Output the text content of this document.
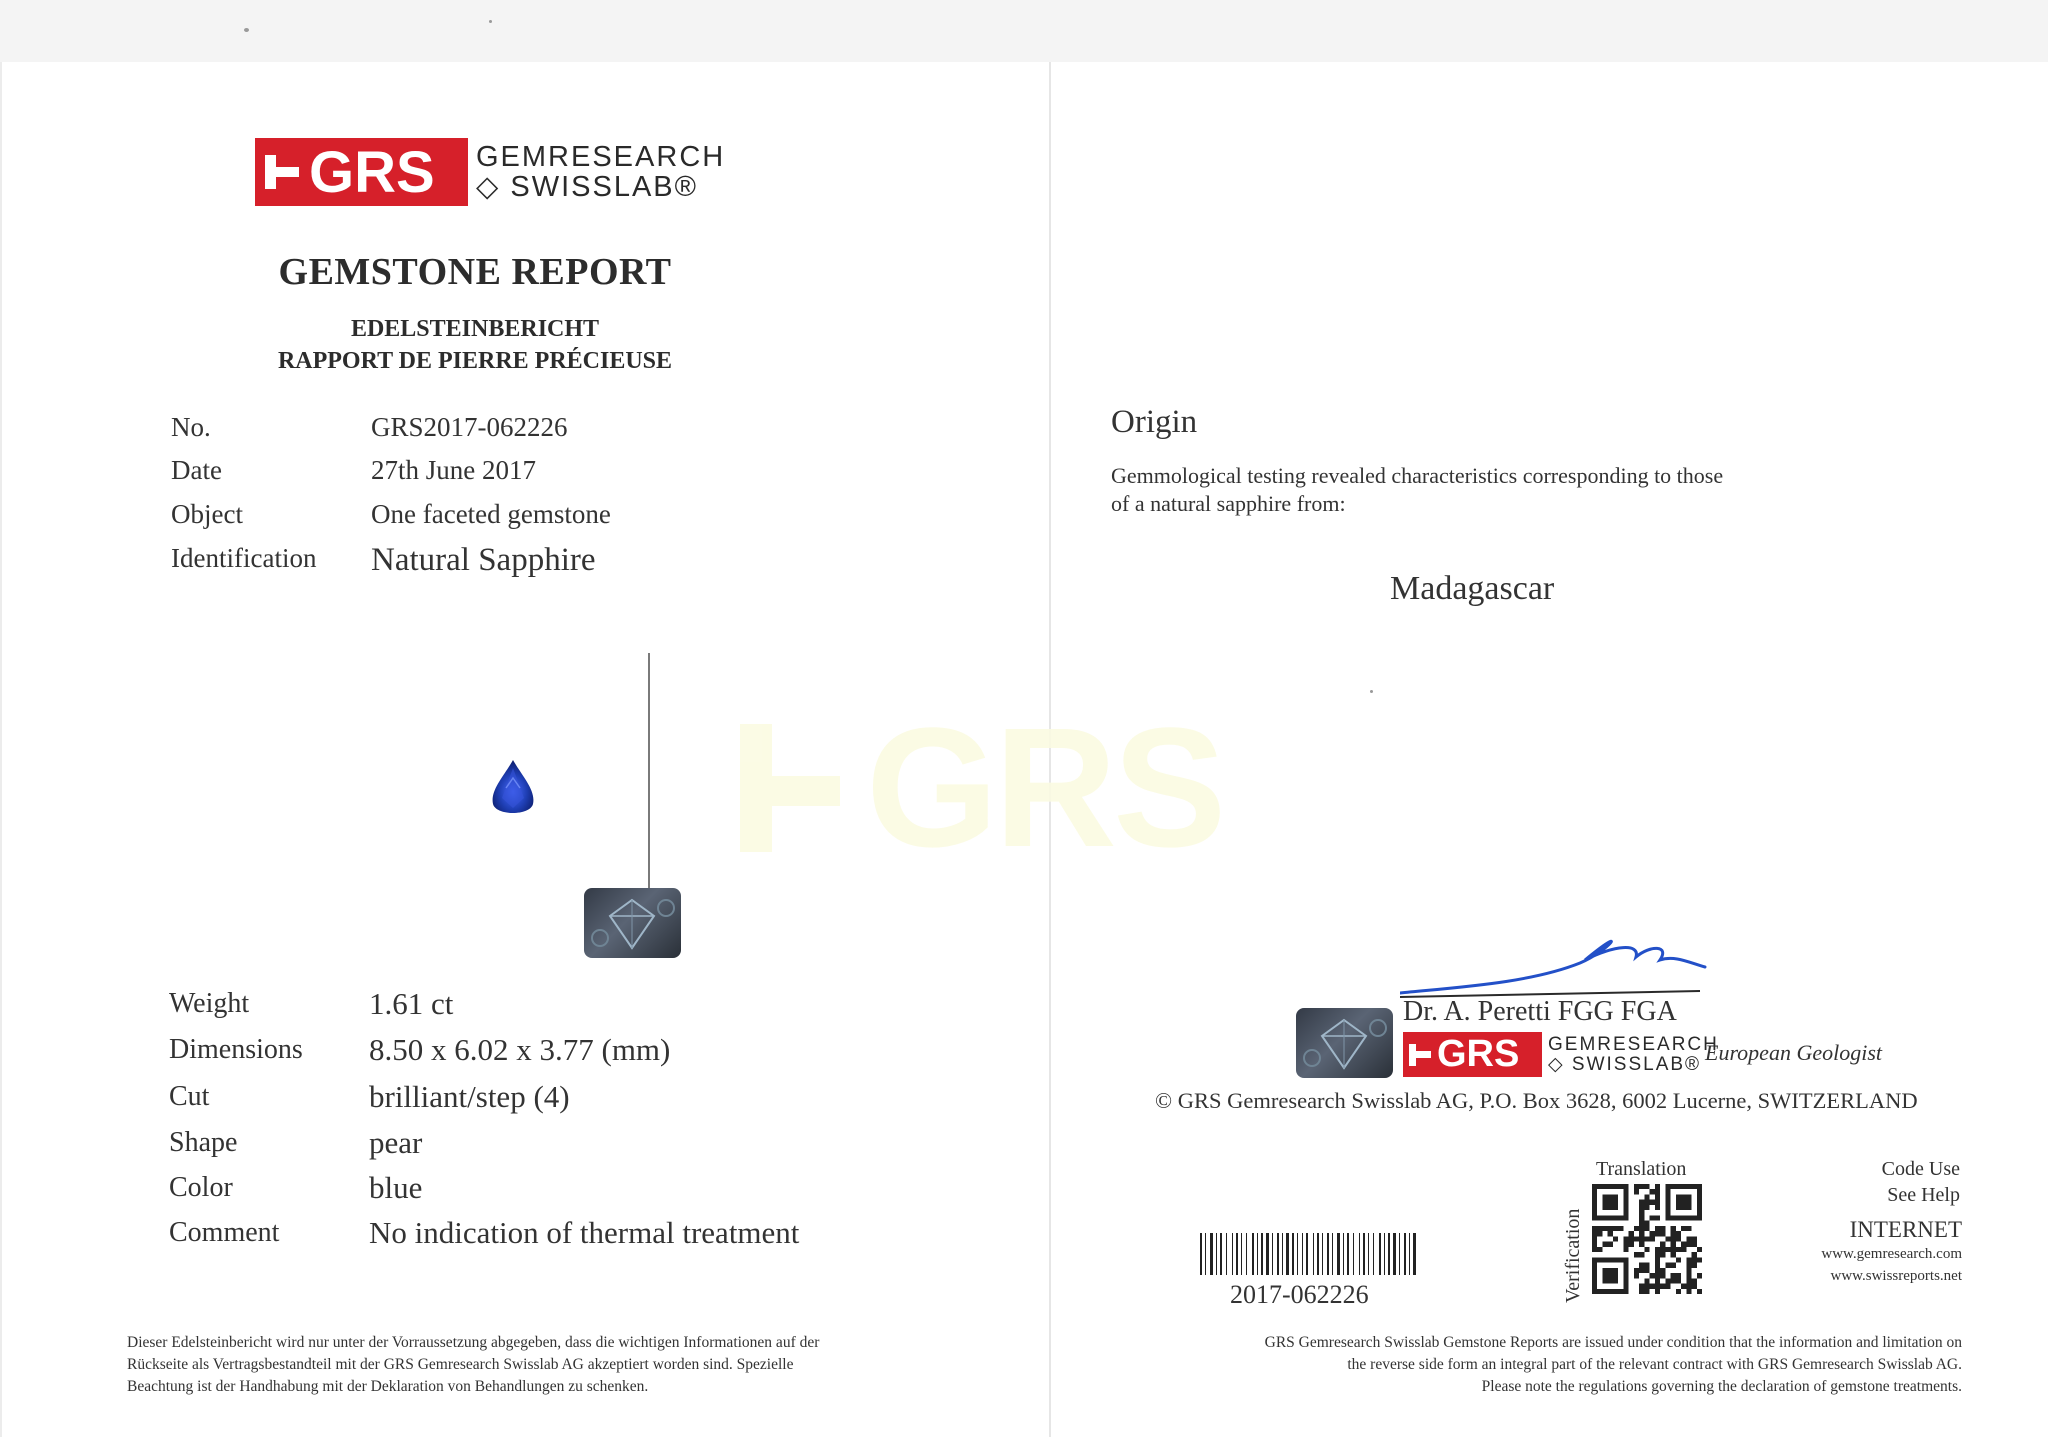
GRS
GRS GEMRESEARCH
◇ SWISSLAB®
GEMSTONE REPORT
EDELSTEINBERICHT
RAPPORT DE PIERRE PRÉCIEUSE
No.	GRS2017-062226
Date	27th June 2017
Object	One faceted gemstone
Identification Natural Sapphire
Weight	1.61 ct
Dimensions 8.50 x 6.02 x 3.77 (mm)
Cut	brilliant/step (4)
Shape	pear
Color	blue
Comment	No indication of thermal treatment
Dieser Edelsteinbericht wird nur unter der Vorraussetzung abgegeben, dass die wichtigen Informationen auf der
Rückseite als Vertragsbestandteil mit der GRS Gemresearch Swisslab AG akzeptiert worden sind. Spezielle
Beachtung ist der Handhabung mit der Deklaration von Behandlungen zu schenken.
Origin
Gemmological testing revealed characteristics corresponding to those
of a natural sapphire from:
Madagascar
Dr. A. Peretti FGG FGA
GRS GEMRESEARCH
◇ SWISSLAB® European Geologist
© GRS Gemresearch Swisslab AG, P.O. Box 3628, 6002 Lucerne, SWITZERLAND
2017-062226
Translation
Verification
Code Use
See Help
INTERNET
www.gemresearch.com
www.swissreports.net
GRS Gemresearch Swisslab Gemstone Reports are issued under condition that the information and limitation on
the reverse side form an integral part of the relevant contract with GRS Gemresearch Swisslab AG.
Please note the regulations governing the declaration of gemstone treatments.
